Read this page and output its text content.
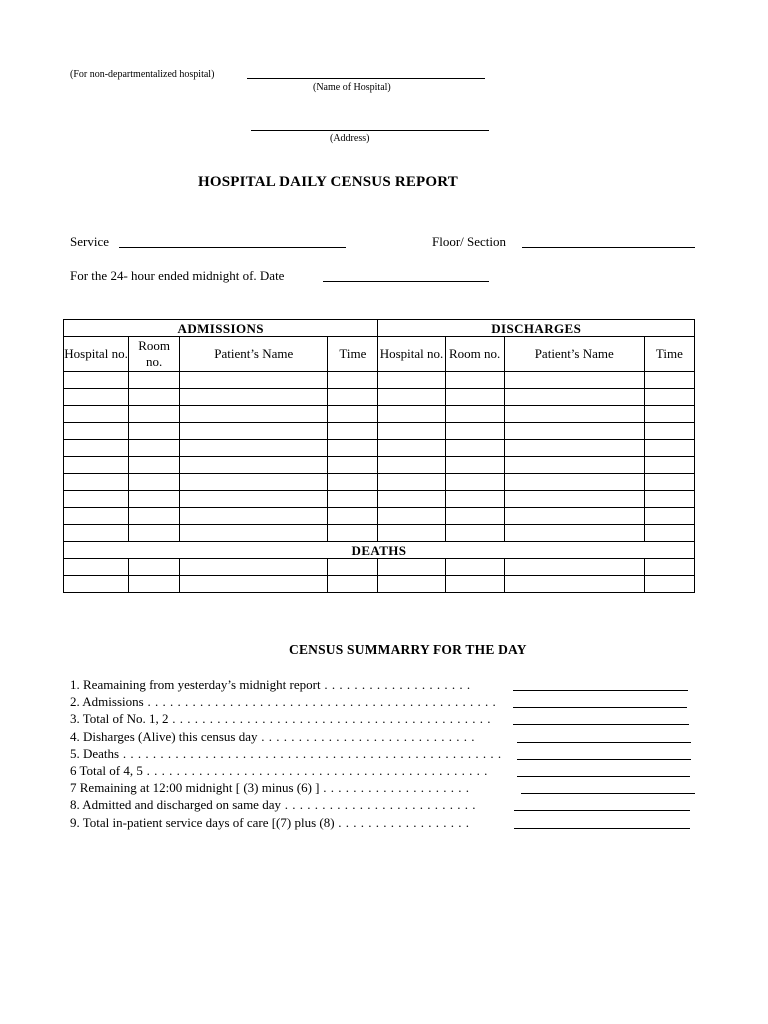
(For non-departmentalized hospital)
(Name of Hospital)
(Address)
HOSPITAL DAILY CENSUS REPORT
Service	Floor/ Section
For the 24- hour ended midnight of. Date
ADMISSIONS				DISCHARGES			
Hospital no.	Room no.	Patient’s Name	Time	Hospital no.	Room no.	Patient’s Name	Time

DEATHS							

CENSUS SUMMARRY FOR THE DAY
1. Reamaining from yesterday’s midnight report . . . . . . . . . . . . . . . . . . . .
2. Admissions . . . . . . . . . . . . . . . . . . . . . . . . . . . . . . . . . . . . . . . . . . . . . . .
3. Total of No. 1, 2 . . . . . . . . . . . . . . . . . . . . . . . . . . . . . . . . . . . . . . . . . . .
4. Disharges (Alive) this census day . . . . . . . . . . . . . . . . . . . . . . . . . . . . .
5. Deaths . . . . . . . . . . . . . . . . . . . . . . . . . . . . . . . . . . . . . . . . . . . . . . . . . . .
6 Total of 4, 5 . . . . . . . . . . . . . . . . . . . . . . . . . . . . . . . . . . . . . . . . . . . . . .
7 Remaining at 12:00 midnight [ (3) minus (6) ] . . . . . . . . . . . . . . . . . . . .
8. Admitted and discharged on same day . . . . . . . . . . . . . . . . . . . . . . . . . .
9. Total in-patient service days of care [(7) plus (8) . . . . . . . . . . . . . . . . . .
